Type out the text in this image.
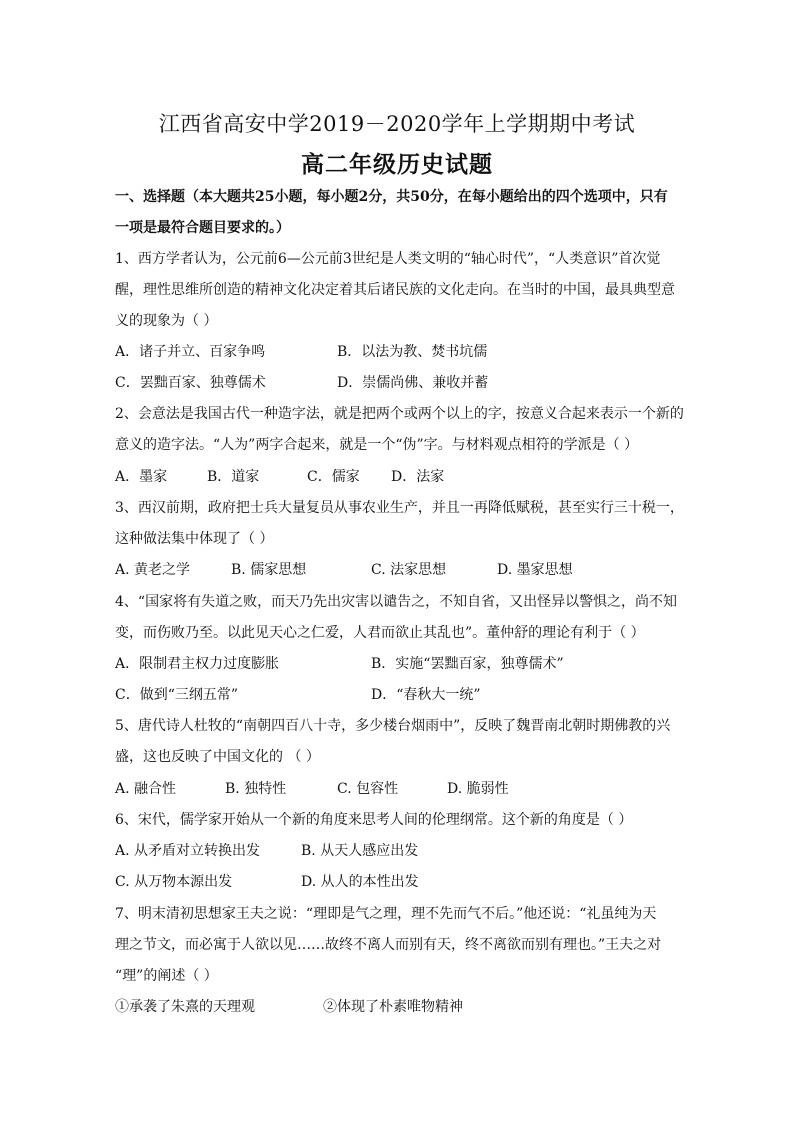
江西省高安中学2019－2020学年上学期期中考试
高二年级历史试题
一、选择题（本大题共25小题，每小题2分，共50分，在每小题给出的四个选项中，只有
一项是最符合题目要求的。）
1、西方学者认为，公元前6—公元前3世纪是人类文明的“轴心时代”，“人类意识”首次觉
醒，理性思维所创造的精神文化决定着其后诸民族的文化走向。在当时的中国，最具典型意
义的现象为（ ）
A．诸子并立、百家争鸣	B．以法为教、焚书坑儒
C．罢黜百家、独尊儒术	D．崇儒尚佛、兼收并蓄
2、会意法是我国古代一种造字法，就是把两个或两个以上的字，按意义合起来表示一个新的
意义的造字法。“人为”两字合起来，就是一个“伪”字。与材料观点相符的学派是（ ）
A．墨家	B．道家	C．儒家 D．法家
3、西汉前期，政府把士兵大量复员从事农业生产，并且一再降低赋税，甚至实行三十税一，
这种做法集中体现了（ ）
A. 黄老之学	B. 儒家思想	C. 法家思想	D. 墨家思想
4、“国家将有失道之败，而天乃先出灾害以谴告之，不知自省，又出怪异以警惧之，尚不知
变，而伤败乃至。以此见天心之仁爱，人君而欲止其乱也”。董仲舒的理论有利于（ ）
A．限制君主权力过度膨胀	B．实施“罢黜百家，独尊儒术”
C．做到“三纲五常”	D．“春秋大一统”
5、唐代诗人杜牧的“南朝四百八十寺，多少楼台烟雨中”，反映了魏晋南北朝时期佛教的兴
盛，这也反映了中国文化的 （ ）
A. 融合性	B. 独特性	C. 包容性	D. 脆弱性
6、宋代，儒学家开始从一个新的角度来思考人间的伦理纲常。这个新的角度是（ ）
A. 从矛盾对立转换出发	B. 从天人感应出发
C. 从万物本源出发	D. 从人的本性出发
7、明末清初思想家王夫之说：“理即是气之理，理不先而气不后。”他还说：“礼虽纯为天
理之节文，而必寓于人欲以见……故终不离人而别有天，终不离欲而别有理也。”王夫之对
“理”的阐述（ ）
①承袭了朱熹的天理观	②体现了朴素唯物精神
